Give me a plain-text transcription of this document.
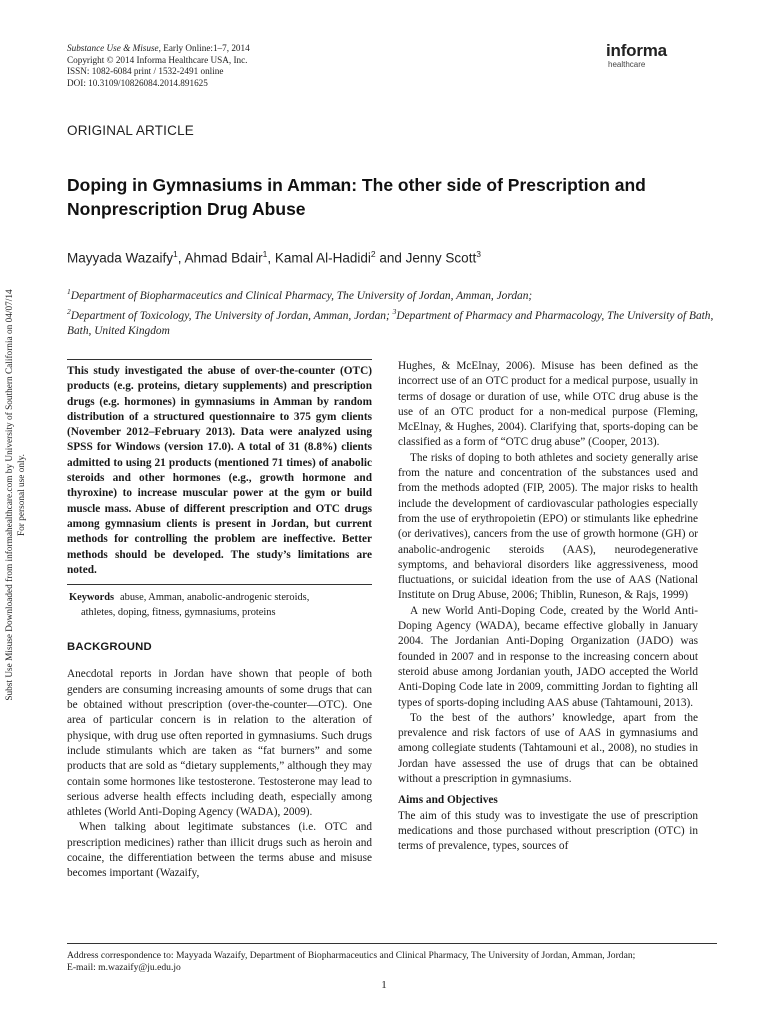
Subst Use Misuse Downloaded from informahealthcare.com by University of Southern California on 04/07/14 For personal use only.
Substance Use & Misuse, Early Online:1–7, 2014
Copyright © 2014 Informa Healthcare USA, Inc.
ISSN: 1082-6084 print / 1532-2491 online
DOI: 10.3109/10826084.2014.891625
informa
healthcare
ORIGINAL ARTICLE
Doping in Gymnasiums in Amman: The other side of Prescription and Nonprescription Drug Abuse
Mayyada Wazaify$^1$, Ahmad Bdair$^1$, Kamal Al-Hadidi$^2$ and Jenny Scott$^3$
$^1$Department of Biopharmaceutics and Clinical Pharmacy, The University of Jordan, Amman, Jordan;
$^2$Department of Toxicology, The University of Jordan, Amman, Jordan; $^3$Department of Pharmacy and Pharmacology, The University of Bath, Bath, United Kingdom

This study investigated the abuse of over-the-counter (OTC) products (e.g. proteins, dietary supplements) and prescription drugs (e.g. hormones) in gymnasiums in Amman by random distribution of a structured questionnaire to 375 gym clients (November 2012–February 2013). Data were analyzed using SPSS for Windows (version 17.0). A total of 31 (8.8%) clients admitted to using 21 products (mentioned 71 times) of anabolic steroids and other hormones (e.g., growth hormone and thyroxine) to increase muscular power at the gym or build muscle mass. Abuse of different prescription and OTC drugs among gymnasium clients is present in Jordan, but current methods for controlling the problem are ineffective. Better methods should be developed. The study’s limitations are noted.

Keywords abuse, Amman, anabolic-androgenic steroids,
athletes, doping, fitness, gymnasiums, proteins
BACKGROUND

Anecdotal reports in Jordan have shown that people of both genders are consuming increasing amounts of some drugs that can be obtained without prescription (over-the-counter—OTC). One area of particular concern is in relation to the alteration of physique, with drug use often reported in gymnasiums. Such drugs include stimulants which are taken as “fat burners” and some products that are sold as “dietary supplements,” although they may contain some hormones like testosterone. Testosterone may lead to serious adverse health effects including death, especially among athletes (World Anti-Doping Agency (WADA), 2009).

When talking about legitimate substances (i.e. OTC and prescription medicines) rather than illicit drugs such as heroin and cocaine, the differentiation between the terms abuse and misuse becomes important (Wazaify,

Hughes, & McElnay, 2006). Misuse has been defined as the incorrect use of an OTC product for a medical purpose, usually in terms of dosage or duration of use, while OTC drug abuse is the use of an OTC product for a non-medical purpose (Fleming, McElnay, & Hughes, 2004). Clarifying that, sports-doping can be classified as a form of “OTC drug abuse” (Cooper, 2013).

The risks of doping to both athletes and society generally arise from the nature and concentration of the substances used and from the methods adopted (FIP, 2005). The major risks to health include the development of cardiovascular pathologies especially from the use of erythropoietin (EPO) or stimulants like ephedrine (or derivatives), cancers from the use of growth hormone (GH) or anabolic-androgenic steroids (AAS), neurodegenerative symptoms, and behavioral disorders like aggressiveness, mood fluctuations, or suicidal ideation from the use of AAS (National Institute on Drug Abuse, 2006; Thiblin, Runeson, & Rajs, 1999)

A new World Anti-Doping Code, created by the World Anti-Doping Agency (WADA), became effective globally in January 2004. The Jordanian Anti-Doping Organization (JADO) was founded in 2007 and in response to the increasing concern about steroid abuse among Jordanian youth, JADO accepted the World Anti-Doping Code late in 2009, committing Jordan to fighting all types of sports-doping including AAS abuse (Tahtamouni, 2013).

To the best of the authors’ knowledge, apart from the prevalence and risk factors of use of AAS in gymnasiums and among collegiate students (Tahtamouni et al., 2008), no studies in Jordan have assessed the use of drugs that can be obtained without a prescription in gymnasiums.

Aims and Objectives

The aim of this study was to investigate the use of prescription medications and those purchased without prescription (OTC) in terms of prevalence, types, sources of

Address correspondence to: Mayyada Wazaify, Department of Biopharmaceutics and Clinical Pharmacy, The University of Jordan, Amman, Jordan;
E-mail: m.wazaify@ju.edu.jo
1
